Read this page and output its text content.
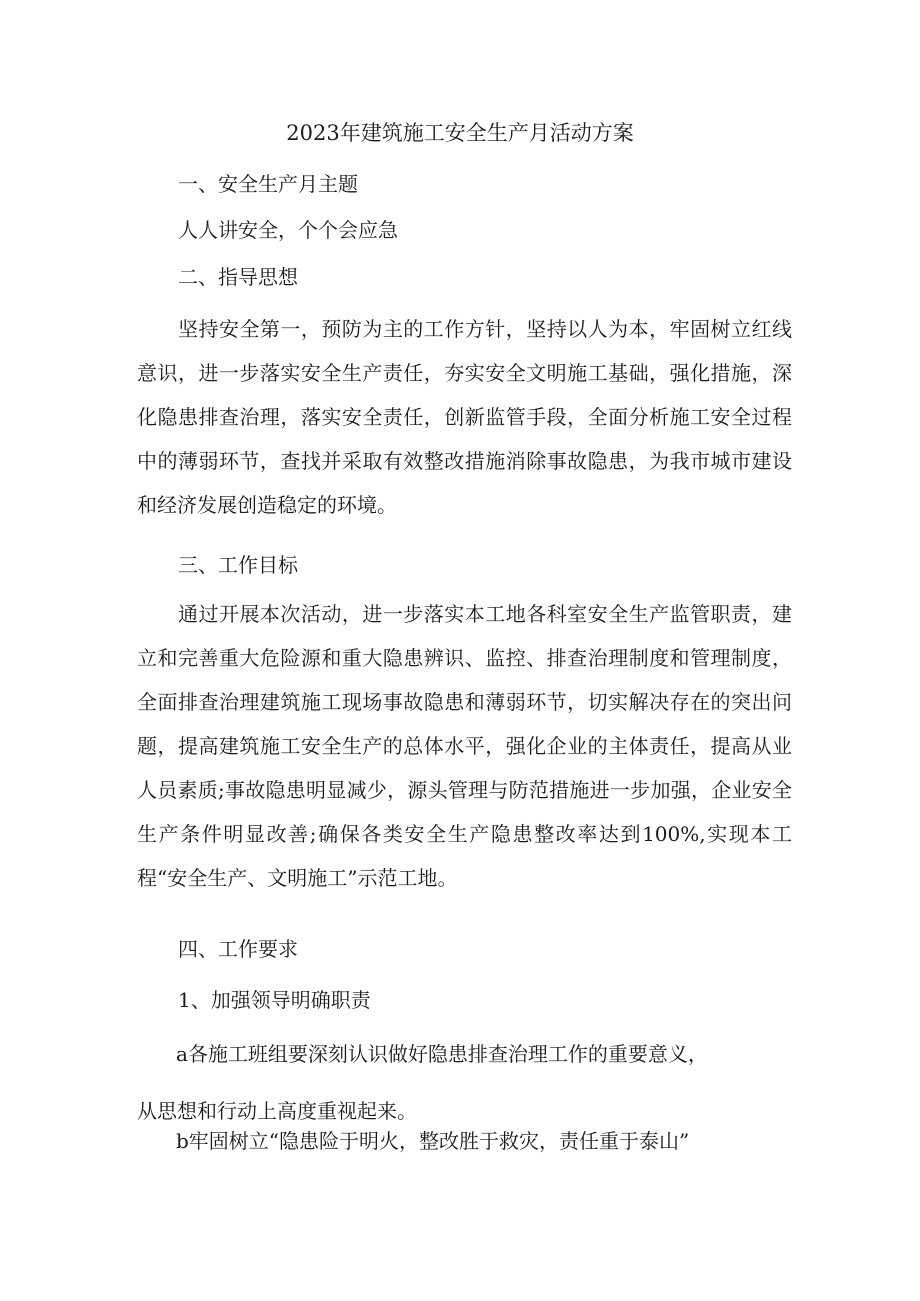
2023年建筑施工安全生产月活动方案
一、安全生产月主题
人人讲安全，个个会应急
二、指导思想

坚持安全第一，预防为主的工作方针，坚持以人为本，牢固树立红线意识，进一步落实安全生产责任，夯实安全文明施工基础，强化措施，深化隐患排查治理，落实安全责任，创新监管手段，全面分析施工安全过程中的薄弱环节，查找并采取有效整改措施消除事故隐患，为我市城市建设和经济发展创造稳定的环境。

三、工作目标

通过开展本次活动，进一步落实本工地各科室安全生产监管职责，建立和完善重大危险源和重大隐患辨识、监控、排查治理制度和管理制度，全面排查治理建筑施工现场事故隐患和薄弱环节，切实解决存在的突出问题，提高建筑施工安全生产的总体水平，强化企业的主体责任，提高从业人员素质;事故隐患明显减少，源头管理与防范措施进一步加强，企业安全生产条件明显改善;确保各类安全生产隐患整改率达到100%,实现本工程“安全生产、文明施工”示范工地。

四、工作要求
1、加强领导明确职责
a各施工班组要深刻认识做好隐患排查治理工作的重要意义，
从思想和行动上高度重视起来。
b牢固树立“隐患险于明火，整改胜于救灾，责任重于泰山”
